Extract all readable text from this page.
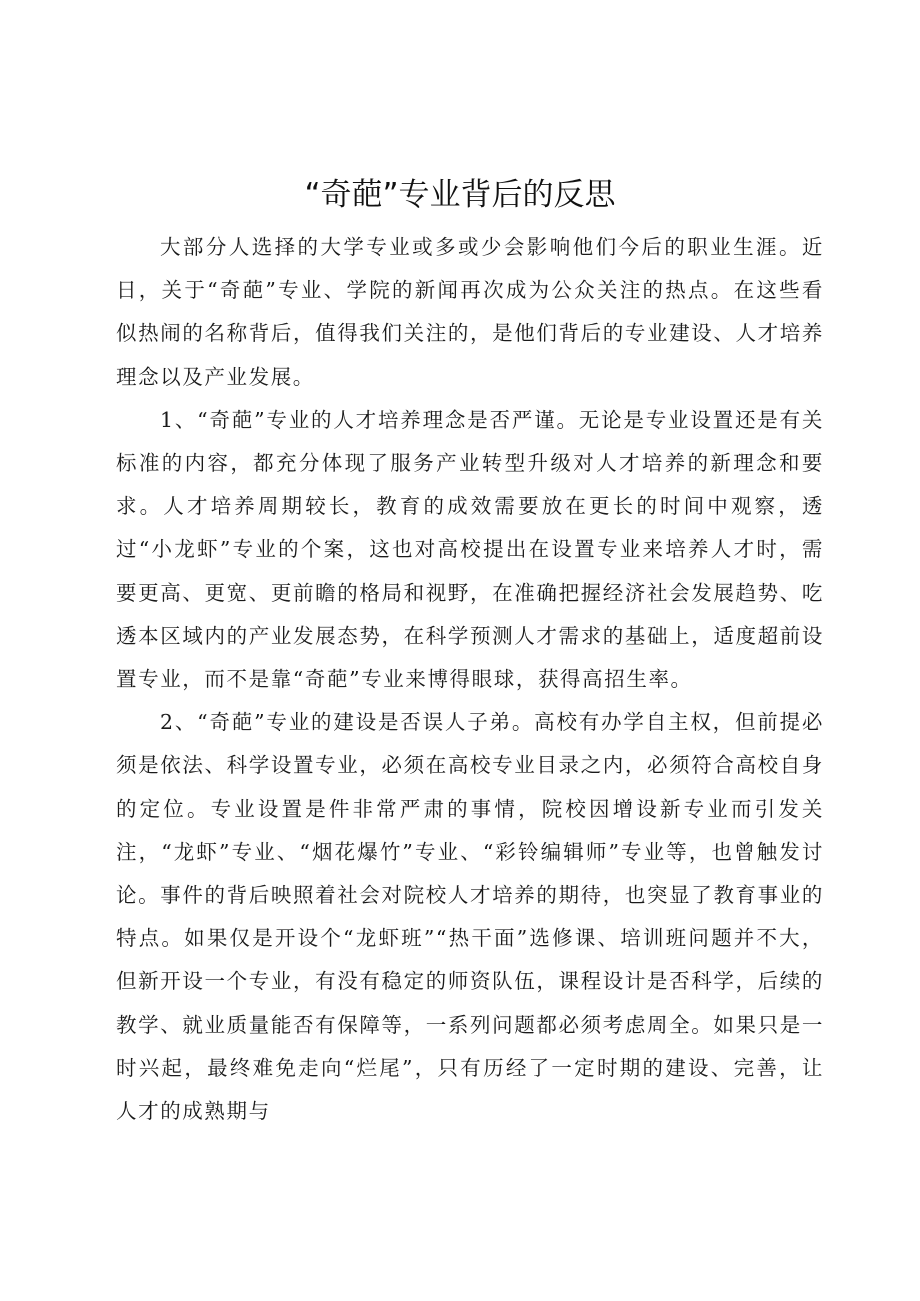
“奇葩”专业背后的反思

大部分人选择的大学专业或多或少会影响他们今后的职业生涯。近日，关于“奇葩”专业、学院的新闻再次成为公众关注的热点。在这些看似热闹的名称背后，值得我们关注的，是他们背后的专业建设、人才培养理念以及产业发展。

1、“奇葩”专业的人才培养理念是否严谨。无论是专业设置还是有关标准的内容，都充分体现了服务产业转型升级对人才培养的新理念和要求。人才培养周期较长，教育的成效需要放在更长的时间中观察，透过“小龙虾”专业的个案，这也对高校提出在设置专业来培养人才时，需要更高、更宽、更前瞻的格局和视野，在准确把握经济社会发展趋势、吃透本区域内的产业发展态势，在科学预测人才需求的基础上，适度超前设置专业，而不是靠“奇葩”专业来博得眼球，获得高招生率。

2、“奇葩”专业的建设是否误人子弟。高校有办学自主权，但前提必须是依法、科学设置专业，必须在高校专业目录之内，必须符合高校自身的定位。专业设置是件非常严肃的事情，院校因增设新专业而引发关注，“龙虾”专业、“烟花爆竹”专业、“彩铃编辑师”专业等，也曾触发讨论。事件的背后映照着社会对院校人才培养的期待，也突显了教育事业的特点。如果仅是开设个“龙虾班”“热干面”选修课、培训班问题并不大，但新开设一个专业，有没有稳定的师资队伍，课程设计是否科学，后续的教学、就业质量能否有保障等，一系列问题都必须考虑周全。如果只是一时兴起，最终难免走向“烂尾”，只有历经了一定时期的建设、完善，让人才的成熟期与
